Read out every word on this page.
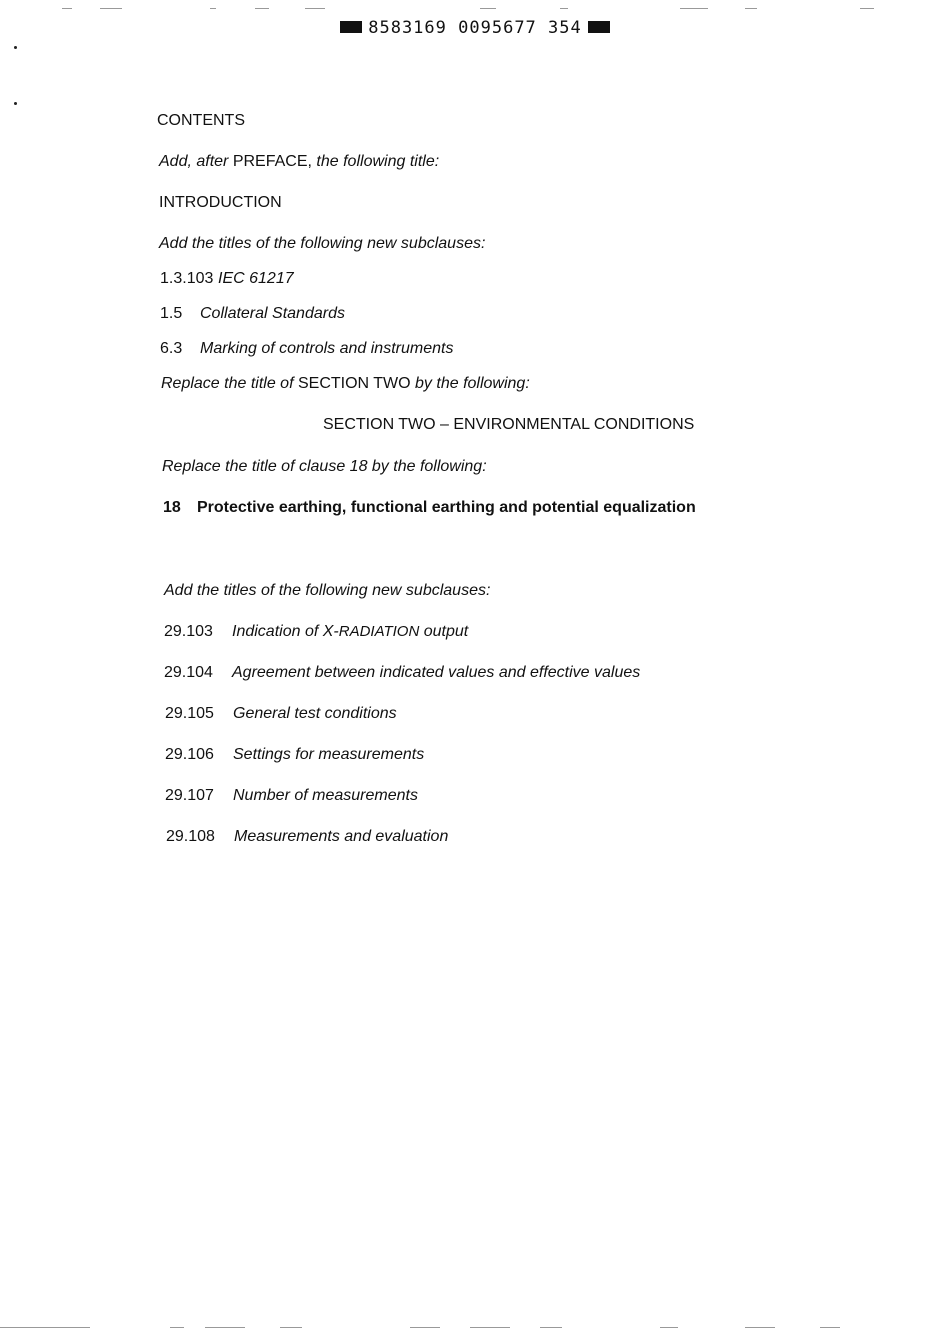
8583169 0095677 354
CONTENTS
Add, after PREFACE, the following title:
INTRODUCTION
Add the titles of the following new subclauses:
1.3.103 IEC 61217
1.5 Collateral Standards
6.3 Marking of controls and instruments
Replace the title of SECTION TWO by the following:
SECTION TWO – ENVIRONMENTAL CONDITIONS
Replace the title of clause 18 by the following:
18 Protective earthing, functional earthing and potential equalization
Add the titles of the following new subclauses:
29.103 Indication of X-RADIATION output
29.104 Agreement between indicated values and effective values
29.105 General test conditions
29.106 Settings for measurements
29.107 Number of measurements
29.108 Measurements and evaluation
